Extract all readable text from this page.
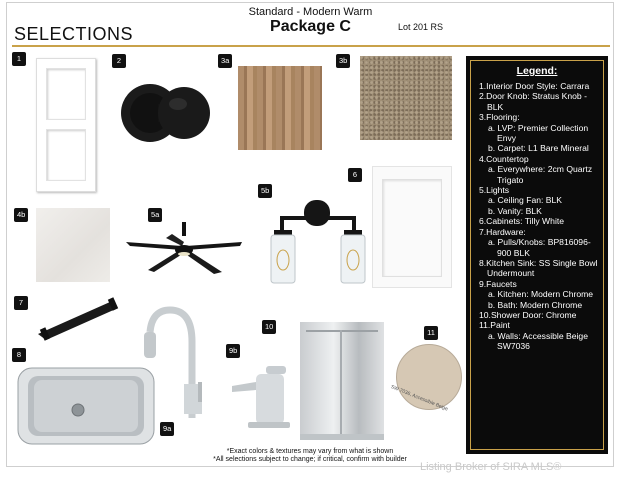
Standard - Modern Warm
Package C	Lot 201 RS
SELECTIONS
1	2	3a	3b
4b	5a
5b
6
7
8
9a
9b
10
11
SW 7036, Accessible Beige
Legend:
1.Interior Door Style: Carrara
2.Door Knob: Stratus Knob - BLK
3.Flooring:
a. LVP: Premier Collection Envy
b. Carpet: L1 Bare Mineral
4.Countertop
a. Everywhere: 2cm Quartz Trigato
5.Lights
a. Ceiling Fan: BLK
b. Vanity: BLK
6.Cabinets: Tilly White
7.Hardware:
a. Pulls/Knobs: BP816096-900 BLK
8.Kitchen Sink: SS Single Bowl Undermount
9.Faucets
a. Kitchen: Modern Chrome
b. Bath: Modern Chrome
10.Shower Door: Chrome
11.Paint
a. Walls: Accessible Beige SW7036
*Exact colors & textures may vary from what is shown
*All selections subject to change; if critical, confirm with builder
Listing Broker of SIRA MLS®
